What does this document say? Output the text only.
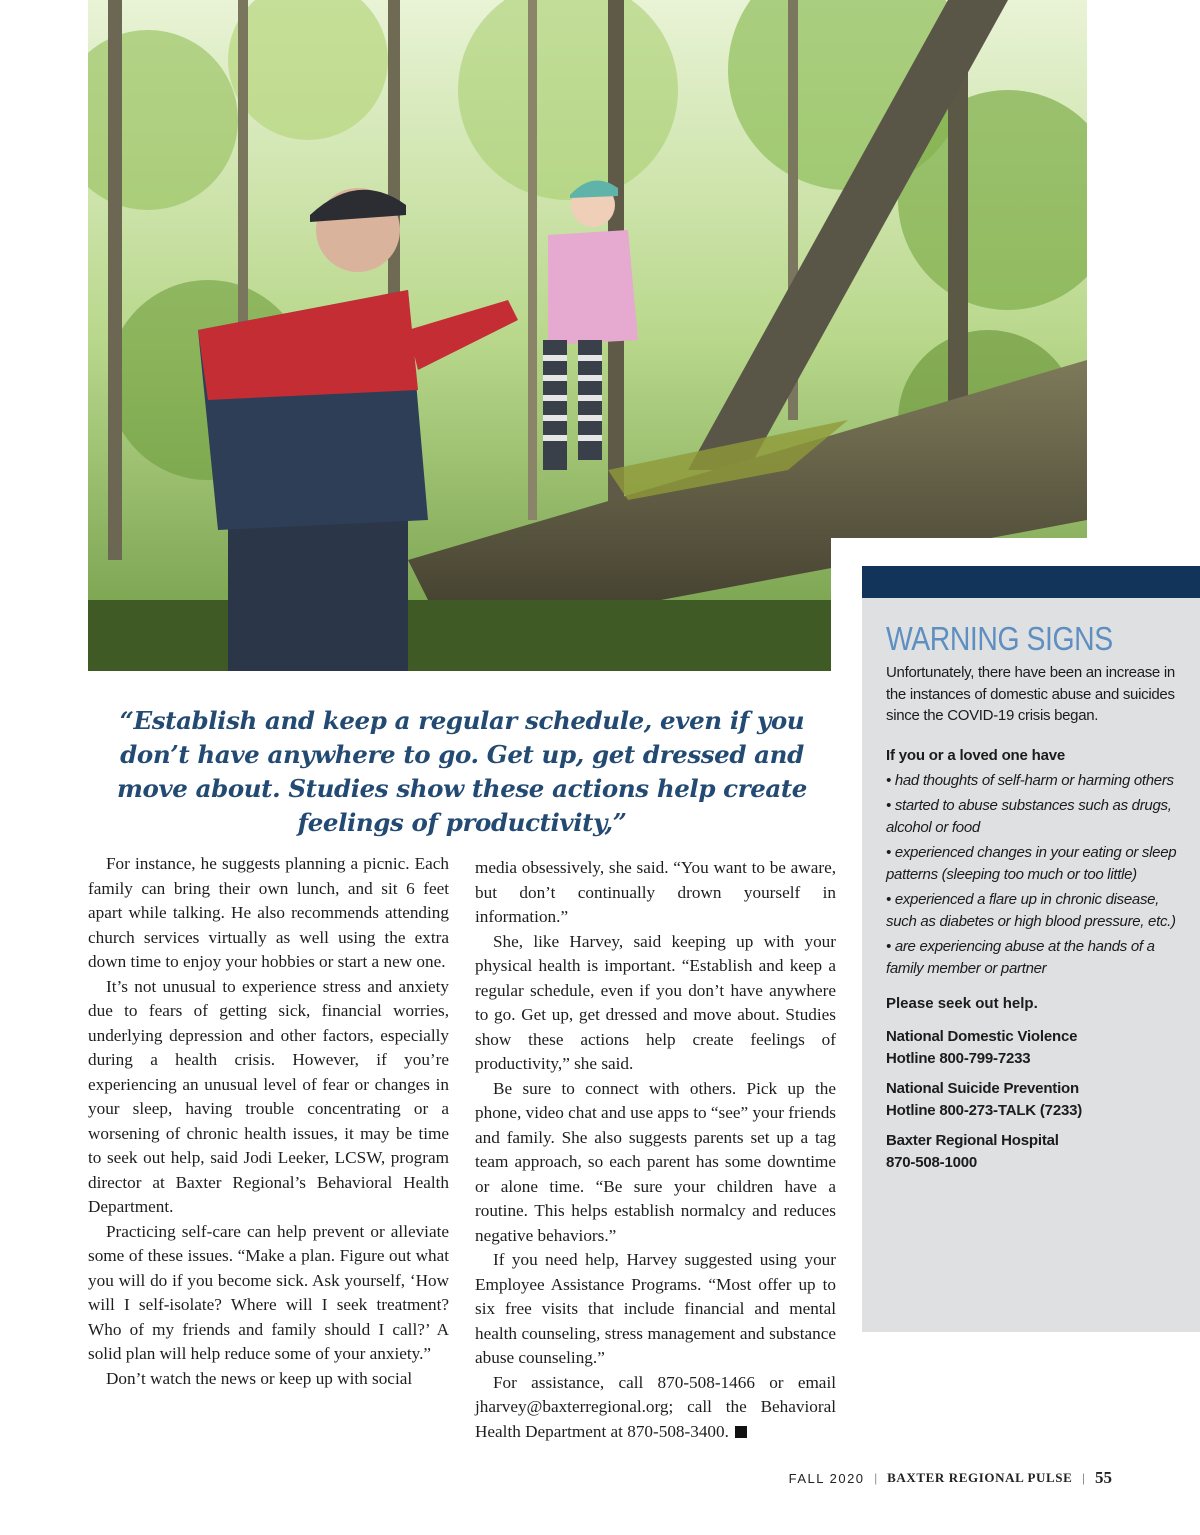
WARNING SIGNS

Unfortunately, there have been an increase in the instances of domestic abuse and suicides since the COVID-19 crisis began.

If you or a loved one have

• had thoughts of self-harm or harming others
• started to abuse substances such as drugs, alcohol or food
• experienced changes in your eating or sleep patterns (sleeping too much or too little)
• experienced a flare up in chronic disease, such as diabetes or high blood pressure, etc.)
• are experiencing abuse at the hands of a family member or partner

Please seek out help.

National Domestic Violence
Hotline 800-799-7233

National Suicide Prevention
Hotline 800-273-TALK (7233)

Baxter Regional Hospital
870-508-1000

“Establish and keep a regular schedule, even if you don’t have anywhere to go. Get up, get dressed and move about. Studies show these actions help create feelings of productivity,”

For instance, he suggests planning a picnic. Each family can bring their own lunch, and sit 6 feet apart while talking. He also recommends attending church services virtually as well using the extra down time to enjoy your hobbies or start a new one.

It’s not unusual to experience stress and anxiety due to fears of getting sick, financial worries, underlying depression and other factors, especially during a health crisis. However, if you’re experiencing an unusual level of fear or changes in your sleep, having trouble concentrating or a worsening of chronic health issues, it may be time to seek out help, said Jodi Leeker, LCSW, program director at Baxter Regional’s Behavioral Health Department.

Practicing self-care can help prevent or alleviate some of these issues. “Make a plan. Figure out what you will do if you become sick. Ask yourself, ‘How will I self-isolate? Where will I seek treatment? Who of my friends and family should I call?’ A solid plan will help reduce some of your anxiety.”

Don’t watch the news or keep up with social

media obsessively, she said. “You want to be aware, but don’t continually drown yourself in information.”

She, like Harvey, said keeping up with your physical health is important. “Establish and keep a regular schedule, even if you don’t have anywhere to go. Get up, get dressed and move about. Studies show these actions help create feelings of productivity,” she said.

Be sure to connect with others. Pick up the phone, video chat and use apps to “see” your friends and family. She also suggests parents set up a tag team approach, so each parent has some downtime or alone time. “Be sure your children have a routine. This helps establish normalcy and reduces negative behaviors.”

If you need help, Harvey suggested using your Employee Assistance Programs. “Most offer up to six free visits that include financial and mental health counseling, stress management and substance abuse counseling.”

For assistance, call 870-508-1466 or email jharvey@baxterregional.org; call the Behavioral Health Department at 870-508-3400.

FALL 2020 | BAXTER REGIONAL PULSE | 55
